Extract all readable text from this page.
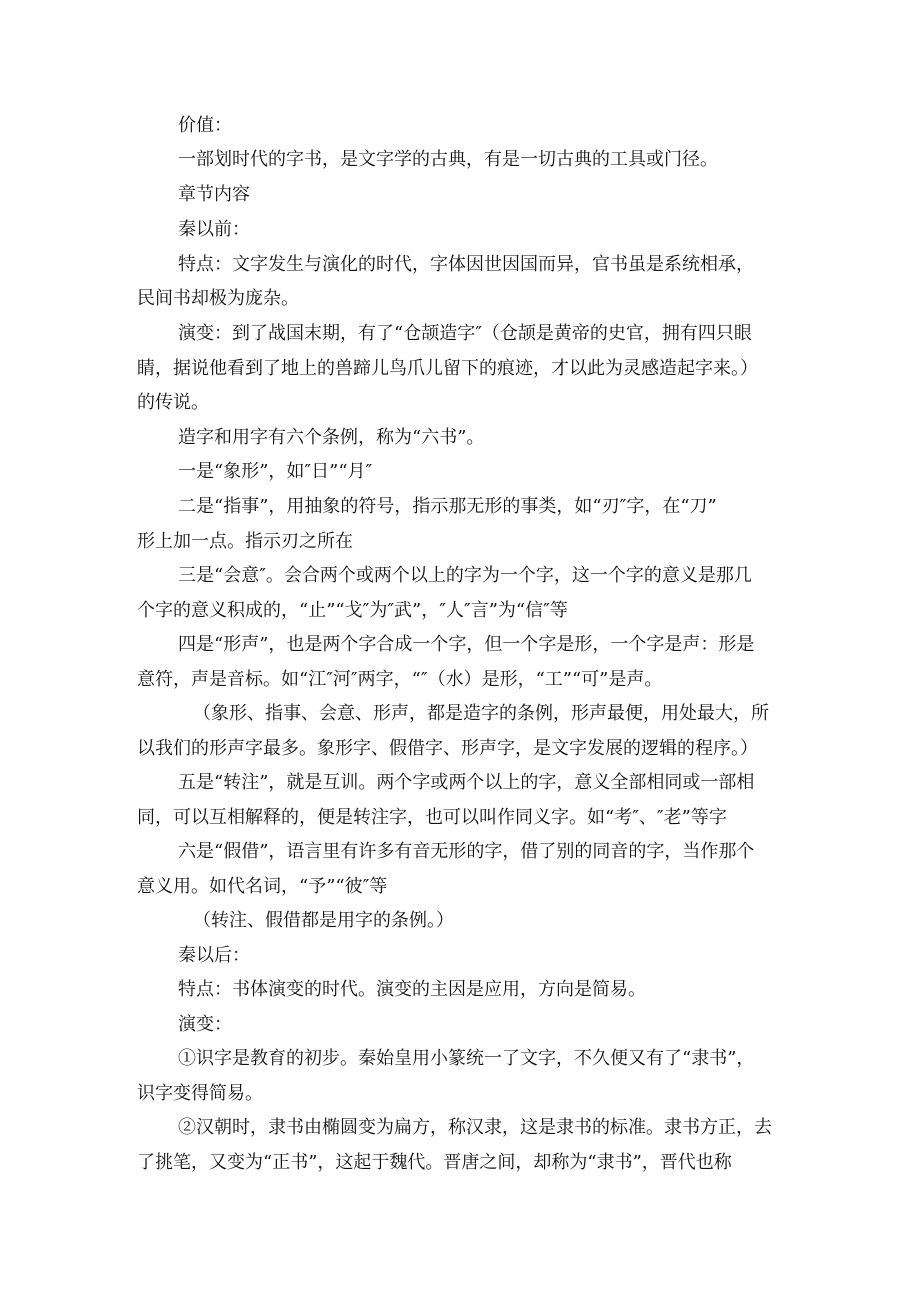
价值：
一部划时代的字书，是文字学的古典，有是一切古典的工具或门径。
章节内容
秦以前：
特点：文字发生与演化的时代，字体因世因国而异，官书虽是系统相承，
民间书却极为庞杂。
演变：到了战国末期，有了“仓颉造字″（仓颉是黄帝的史官，拥有四只眼
睛，据说他看到了地上的兽蹄儿鸟爪儿留下的痕迹，才以此为灵感造起字来。）
的传说。
造字和用字有六个条例，称为“六书”。
一是“象形”，如″日”“月″
二是“指事”，用抽象的符号，指示那无形的事类，如“刃″字，在“刀”
形上加一点。指示刃之所在
三是“会意″。会合两个或两个以上的字为一个字，这一个字的意义是那几
个字的意义积成的，“止”“戈″为″武”，″人″言”为“信″等
四是“形声”，也是两个字合成一个字，但一个字是形，一个字是声：形是
意符，声是音标。如“江″河″两字，“″（水）是形，“工”“可”是声。
（象形、指事、会意、形声，都是造字的条例，形声最便，用处最大，所
以我们的形声字最多。象形字、假借字、形声字，是文字发展的逻辑的程序。）
五是“转注”，就是互训。两个字或两个以上的字，意义全部相同或一部相
同，可以互相解释的，便是转注字，也可以叫作同义字。如“考″、″老”等字
六是“假借”，语言里有许多有音无形的字，借了别的同音的字，当作那个
意义用。如代名词，“予”“彼″等
（转注、假借都是用字的条例。）
秦以后：
特点：书体演变的时代。演变的主因是应用，方向是简易。
演变：
①识字是教育的初步。秦始皇用小篆统一了文字，不久便又有了“隶书”，
识字变得简易。
②汉朝时，隶书由椭圆变为扁方，称汉隶，这是隶书的标准。隶书方正，去
了挑笔，又变为“正书”，这起于魏代。晋唐之间，却称为“隶书”，晋代也称
